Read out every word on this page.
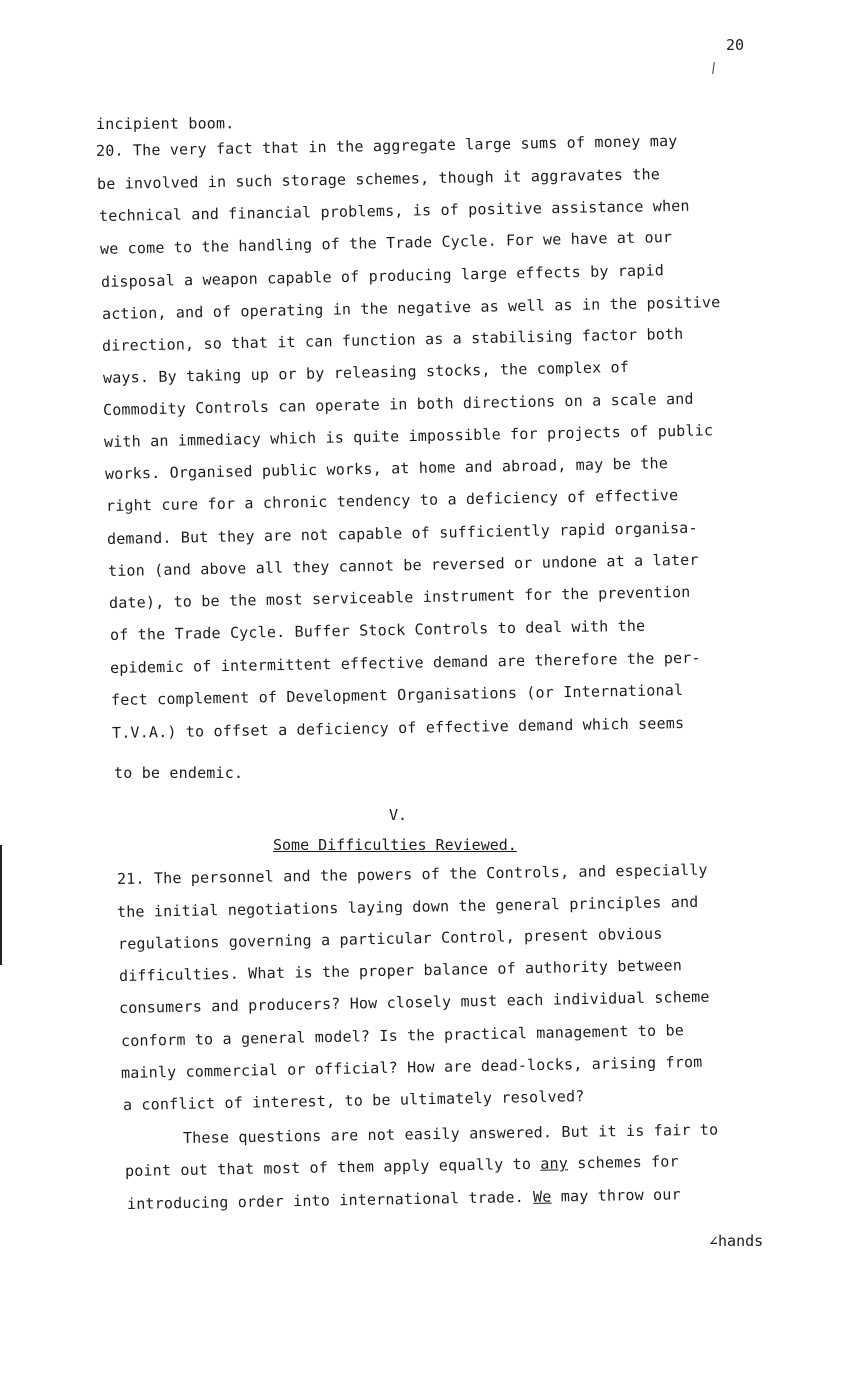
20
incipient boom.
20. The very fact that in the aggregate large sums of money may
be involved in such storage schemes, though it aggravates the
technical and financial problems, is of positive assistance when
we come to the handling of the Trade Cycle. For we have at our
disposal a weapon capable of producing large effects by rapid
action, and of operating in the negative as well as in the positive
direction, so that it can function as a stabilising factor both
ways. By taking up or by releasing stocks, the complex of
Commodity Controls can operate in both directions on a scale and
with an immediacy which is quite impossible for projects of public
works. Organised public works, at home and abroad, may be the
right cure for a chronic tendency to a deficiency of effective
demand. But they are not capable of sufficiently rapid organisa-
tion (and above all they cannot be reversed or undone at a later
date), to be the most serviceable instrument for the prevention
of the Trade Cycle. Buffer Stock Controls to deal with the
epidemic of intermittent effective demand are therefore the per-
fect complement of Development Organisations (or International
T.V.A.) to offset a deficiency of effective demand which seems
to be endemic.
V.
Some Difficulties Reviewed.
21. The personnel and the powers of the Controls, and especially
the initial negotiations laying down the general principles and
regulations governing a particular Control, present obvious
difficulties. What is the proper balance of authority between
consumers and producers? How closely must each individual scheme
conform to a general model? Is the practical management to be
mainly commercial or official? How are dead-locks, arising from
a conflict of interest, to be ultimately resolved?
These questions are not easily answered. But it is fair to
point out that most of them apply equally to any schemes for
introducing order into international trade. We may throw our
∠hands
